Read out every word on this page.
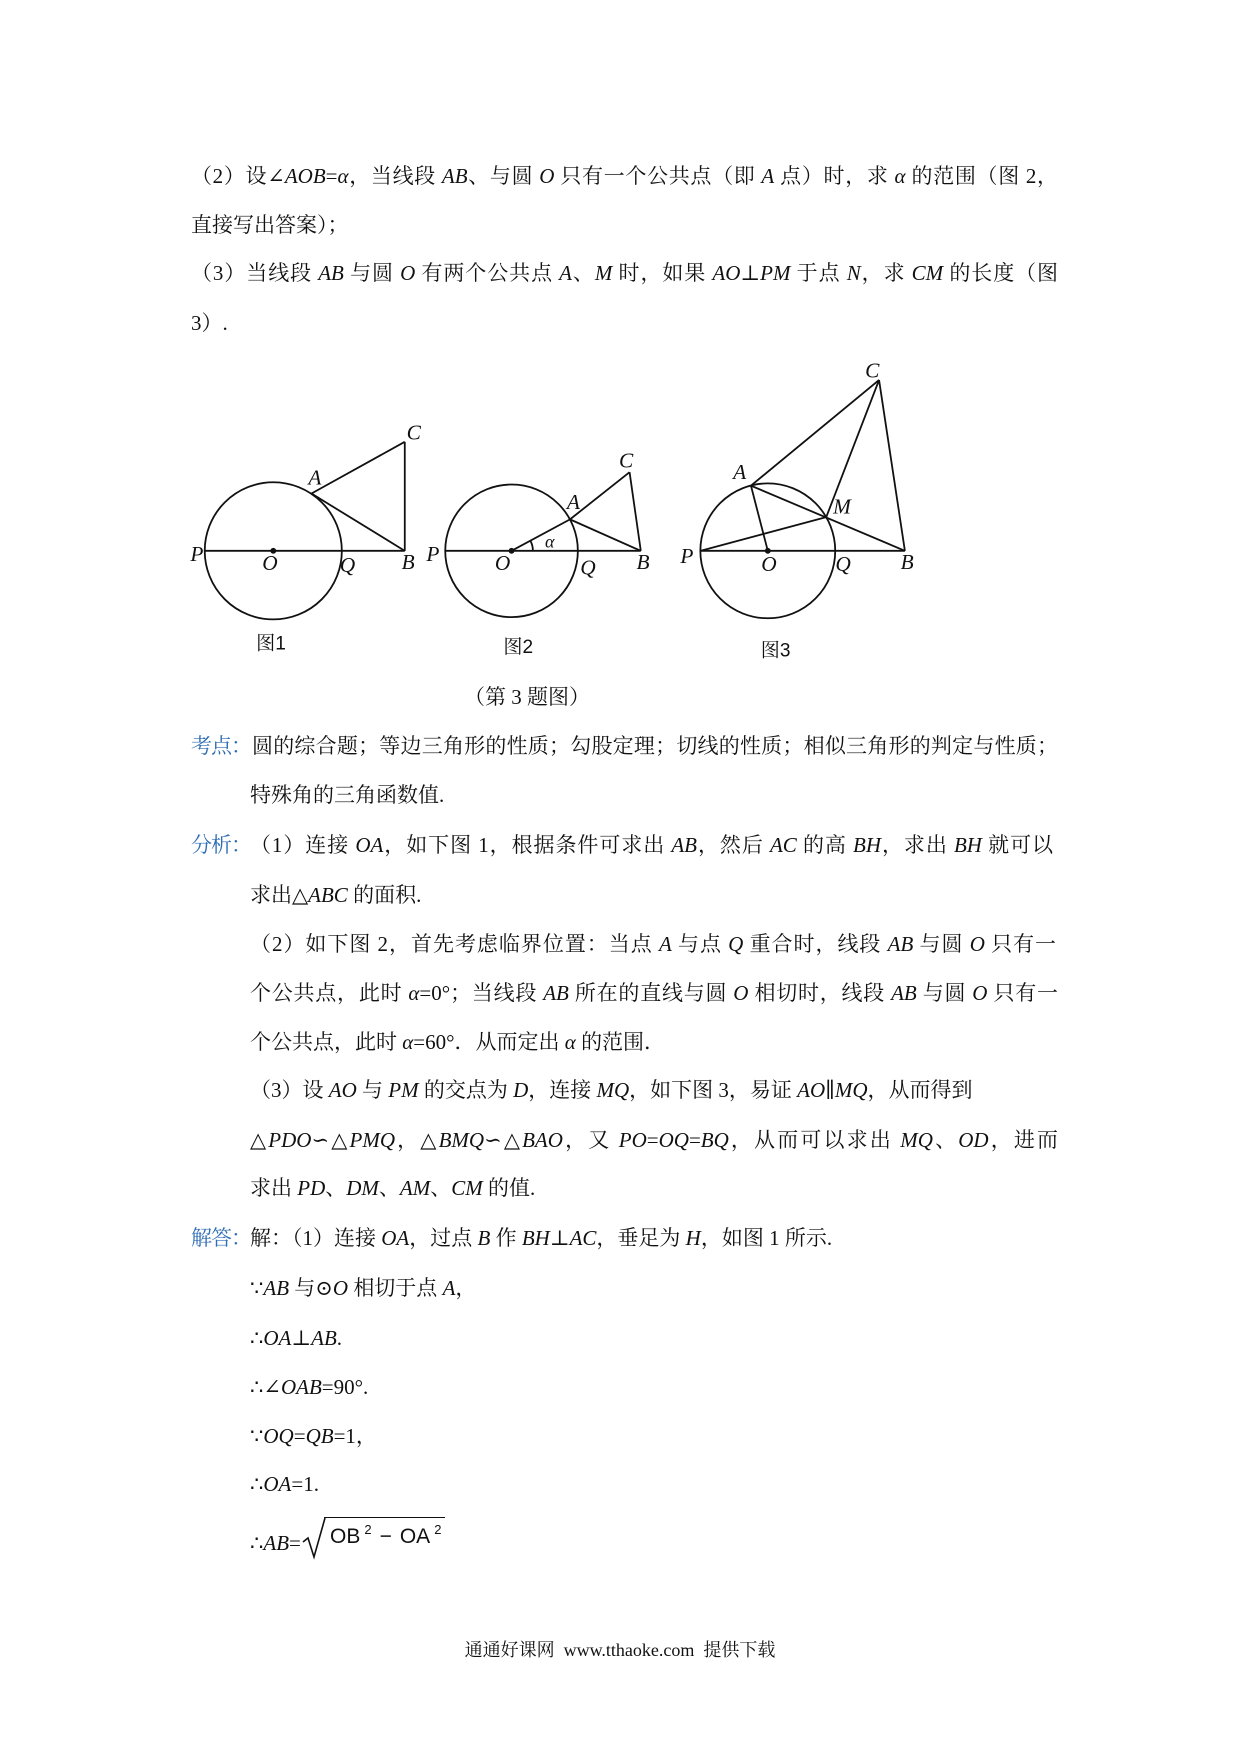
（2）设∠AOB=α，当线段 AB、与圆 O 只有一个公共点（即 A 点）时，求 α 的范围（图 2，
直接写出答案）；
（3）当线段 AB 与圆 O 有两个公共点 A、M 时，如果 AO⊥PM 于点 N，求 CM 的长度（图
3）.
P	O	Q B
A
C
图1
P	O	Q B
A
C
α
图2
P	O	Q	B
A
C
M
图3
（第 3 题图）
考点： 圆的综合题；等边三角形的性质；勾股定理；切线的性质；相似三角形的判定与性质；
特殊角的三角函数值.
分析： （1）连接 OA，如下图 1，根据条件可求出 AB，然后 AC 的高 BH，求出 BH 就可以
求出△ABC 的面积.
（2）如下图 2，首先考虑临界位置：当点 A 与点 Q 重合时，线段 AB 与圆 O 只有一
个公共点，此时 α=0°；当线段 AB 所在的直线与圆 O 相切时，线段 AB 与圆 O 只有一
个公共点，此时 α=60°．从而定出 α 的范围．
（3）设 AO 与 PM 的交点为 D，连接 MQ，如下图 3，易证 AO∥MQ，从而得到
△PDO∽△PMQ，△BMQ∽△BAO，又 PO=OQ=BQ，从而可以求出 MQ、OD，进而
求出 PD、DM、AM、CM 的值.
解答： 解：（1）连接 OA，过点 B 作 BH⊥AC，垂足为 H，如图 1 所示.
∵AB 与⊙O 相切于点 A，
∴OA⊥AB.
∴∠OAB=90°.
∵OQ=QB=1，
∴OA=1.
∴AB= OB $^2$ − OA $^2$
通通好课网  www.tthaoke.com  提供下载
